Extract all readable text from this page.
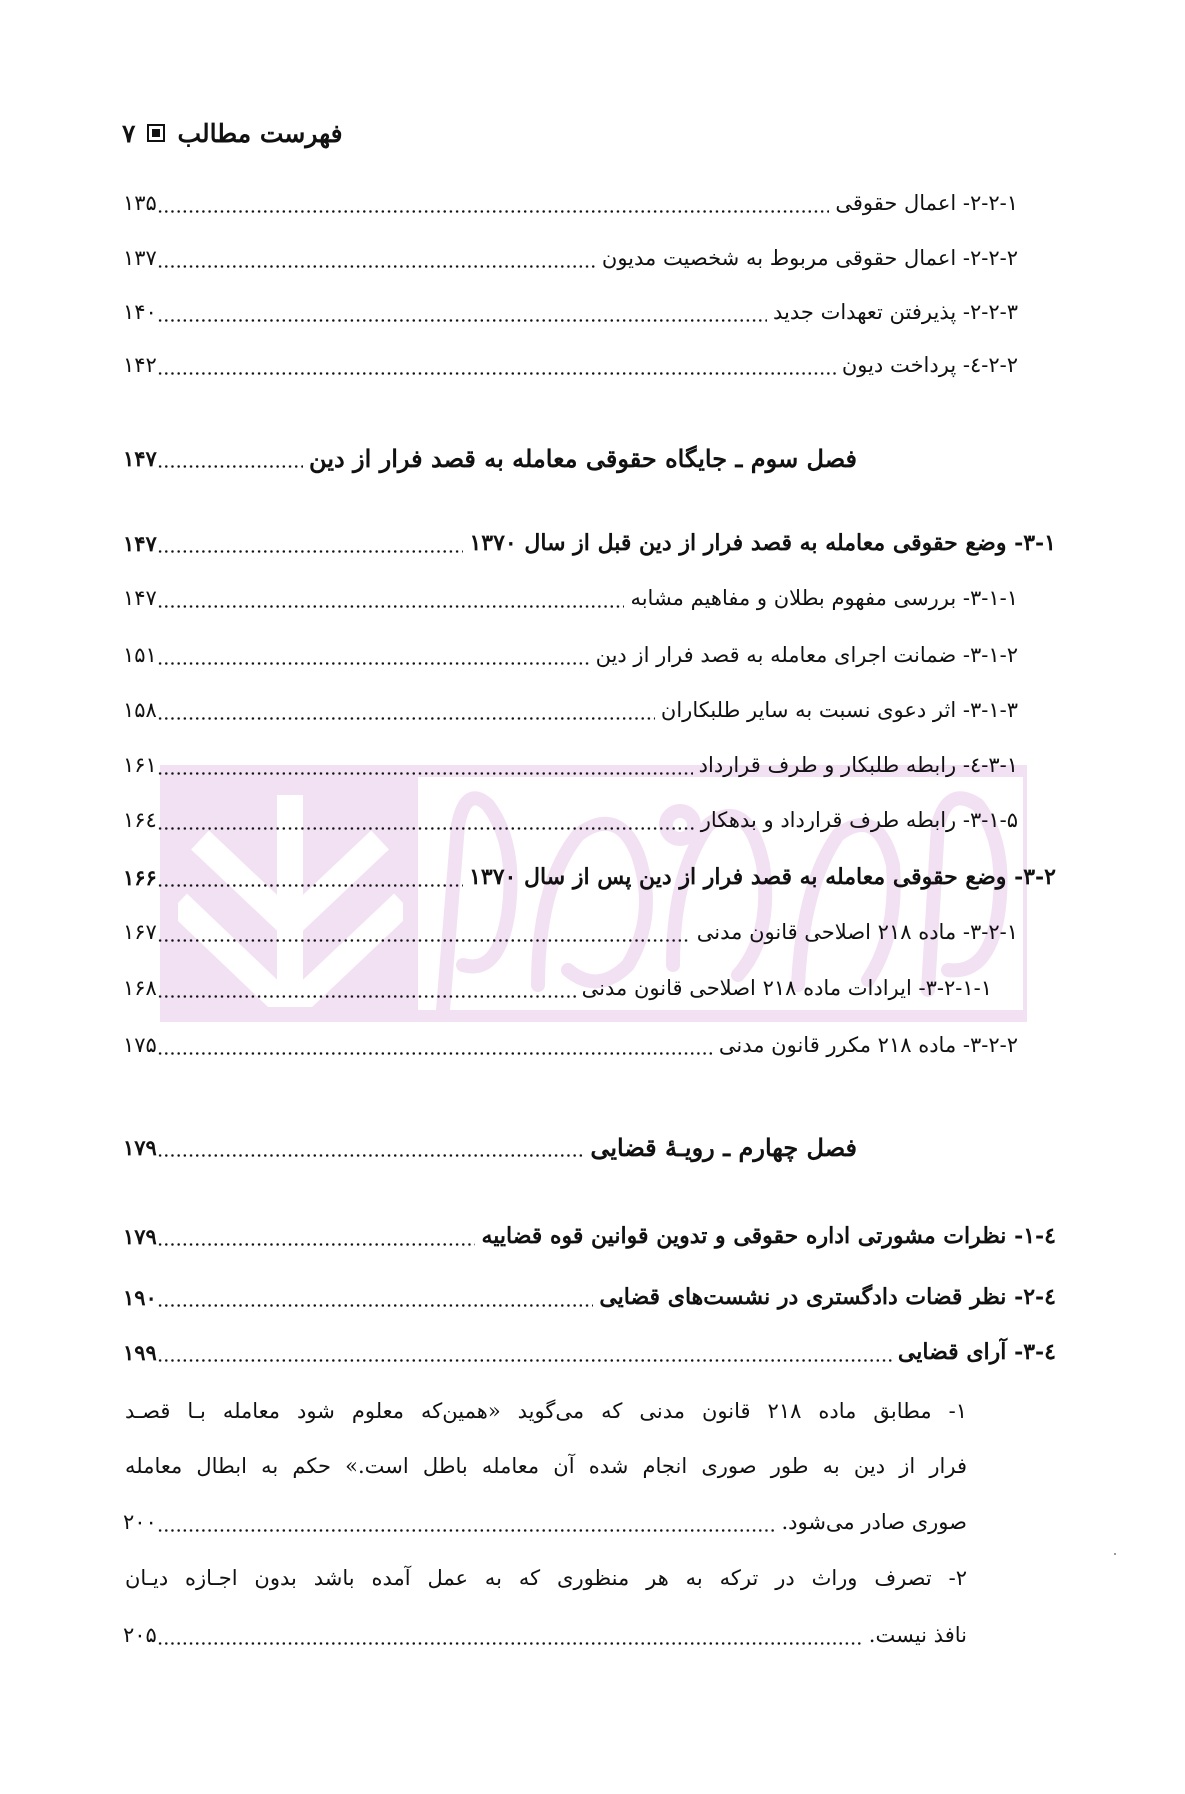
٧ فهرست مطالب
۱۳۵	۲-۲-۱- اعمال حقوقی
۱۳۷	۲-۲-۲- اعمال حقوقی مربوط به شخصیت مدیون
۱۴۰	۲-۲-۳- پذیرفتن تعهدات جدید
۱۴۲	۲-۲-٤- پرداخت دیون
۱۴۷	فصل سوم ـ جایگاه حقوقی معامله به قصد فرار از دین
۱۴۷	۳-۱- وضع حقوقی معامله به قصد فرار از دین قبل از سال ۱۳۷۰
۱۴۷	۳-۱-۱- بررسی مفهوم بطلان و مفاهیم مشابه
۱۵۱	۳-۱-۲- ضمانت اجرای معامله به قصد فرار از دین
۱۵۸	۳-۱-۳- اثر دعوی نسبت به سایر طلبکاران
۱۶۱	۳-۱-٤- رابطه طلبکار و طرف قرارداد
۱۶٤	۳-۱-۵- رابطه طرف قرارداد و بدهکار
۱۶۶	۳-۲- وضع حقوقی معامله به قصد فرار از دین پس از سال ۱۳۷۰
۱۶۷	۳-۲-۱- ماده ۲۱۸ اصلاحی قانون مدنی
۱۶۸	۳-۲-۱-۱- ایرادات ماده ۲۱۸ اصلاحی قانون مدنی
۱۷۵	۳-۲-۲- ماده ۲۱۸ مکرر قانون مدنی
۱۷۹	فصل چهارم ـ رویـهٔ قضایی
۱۷۹	٤-۱- نظرات مشورتی اداره حقوقی و تدوین قوانین قوه قضاییه
۱۹۰	٤-۲- نظر قضات دادگستری در نشست‌های قضایی
۱۹۹	٤-۳- آرای قضایی
۱- مطابق ماده ۲۱۸ قانون مدنی که می‌گوید «همین‌که معلوم شود معامله بـا قصـد
فرار از دین به طور صوری انجام شده آن معامله باطل است.» حکم به ابطال معامله
۲۰۰	صوری صادر می‌شود.
۲- تصرف وراث در ترکه به هر منظوری که به عمل آمده باشد بدون اجـازه دیـان
۲۰۵	نافذ نیست.
